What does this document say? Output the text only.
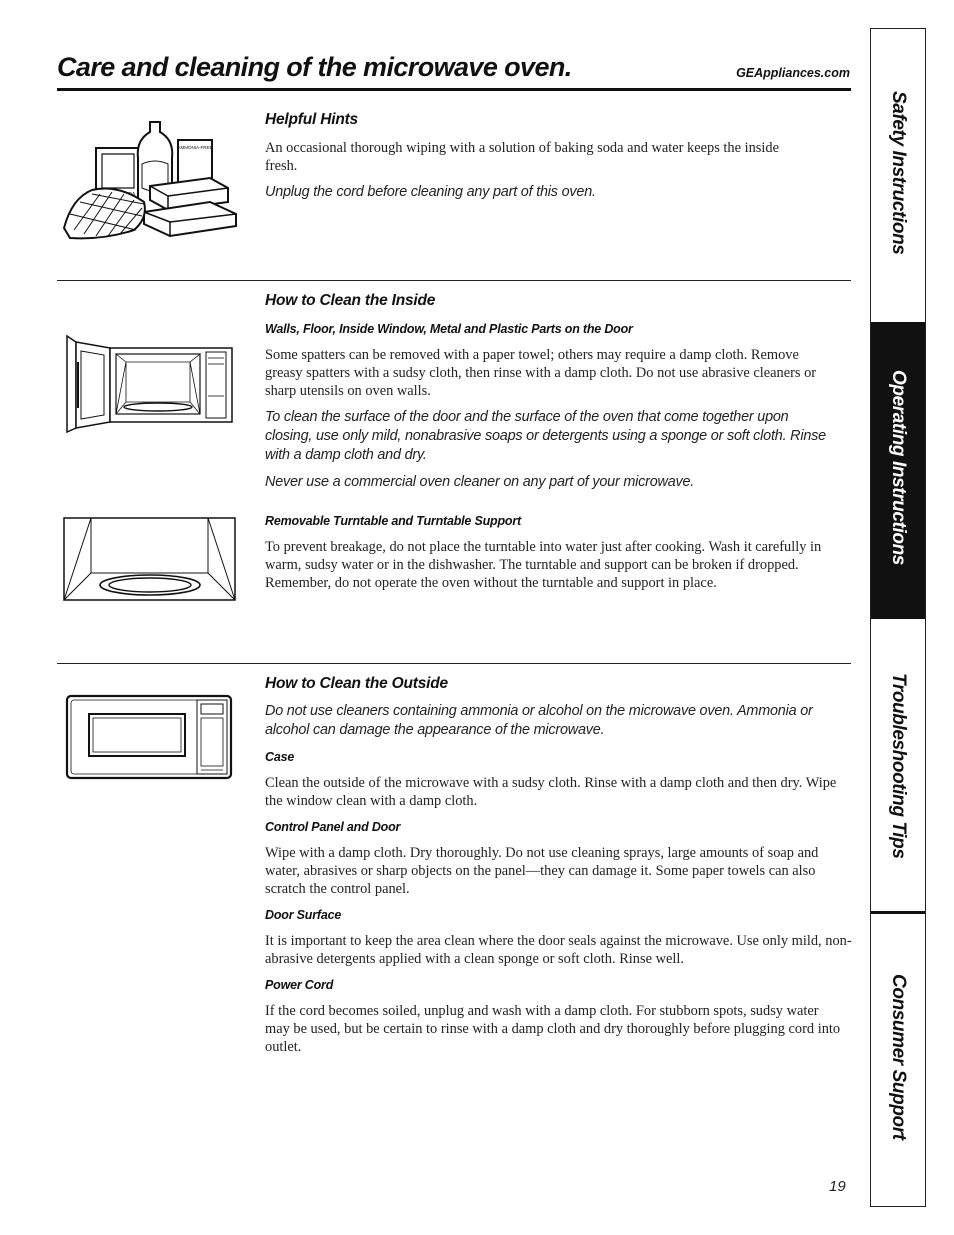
Care and cleaning of the microwave oven.	GEAppliances.com
AMMONIA-FREE
Helpful Hints
An occasional thorough wiping with a solution of baking soda and water keeps the inside fresh.
Unplug the cord before cleaning any part of this oven.
How to Clean the Inside
Walls, Floor, Inside Window, Metal and Plastic Parts on the Door
Some spatters can be removed with a paper towel; others may require a damp cloth. Remove greasy spatters with a sudsy cloth, then rinse with a damp cloth. Do not use abrasive cleaners or sharp utensils on oven walls.
To clean the surface of the door and the surface of the oven that come together upon closing, use only mild, nonabrasive soaps or detergents using a sponge or soft cloth. Rinse with a damp cloth and dry.
Never use a commercial oven cleaner on any part of your microwave.
Removable Turntable and Turntable Support
To prevent breakage, do not place the turntable into water just after cooking. Wash it carefully in warm, sudsy water or in the dishwasher. The turntable and support can be broken if dropped. Remember, do not operate the oven without the turntable and support in place.
How to Clean the Outside
Do not use cleaners containing ammonia or alcohol on the microwave oven. Ammonia or alcohol can damage the appearance of the microwave.
Case
Clean the outside of the microwave with a sudsy cloth. Rinse with a damp cloth and then dry. Wipe the window clean with a damp cloth.
Control Panel and Door
Wipe with a damp cloth. Dry thoroughly. Do not use cleaning sprays, large amounts of soap and water, abrasives or sharp objects on the panel—they can damage it. Some paper towels can also scratch the control panel.
Door Surface
It is important to keep the area clean where the door seals against the microwave. Use only mild, non-abrasive detergents applied with a clean sponge or soft cloth. Rinse well.
Power Cord
If the cord becomes soiled, unplug and wash with a damp cloth. For stubborn spots, sudsy water may be used, but be certain to rinse with a damp cloth and dry thoroughly before plugging cord into outlet.
Safety Instructions
Operating Instructions
Troubleshooting Tips
Consumer Support
19
